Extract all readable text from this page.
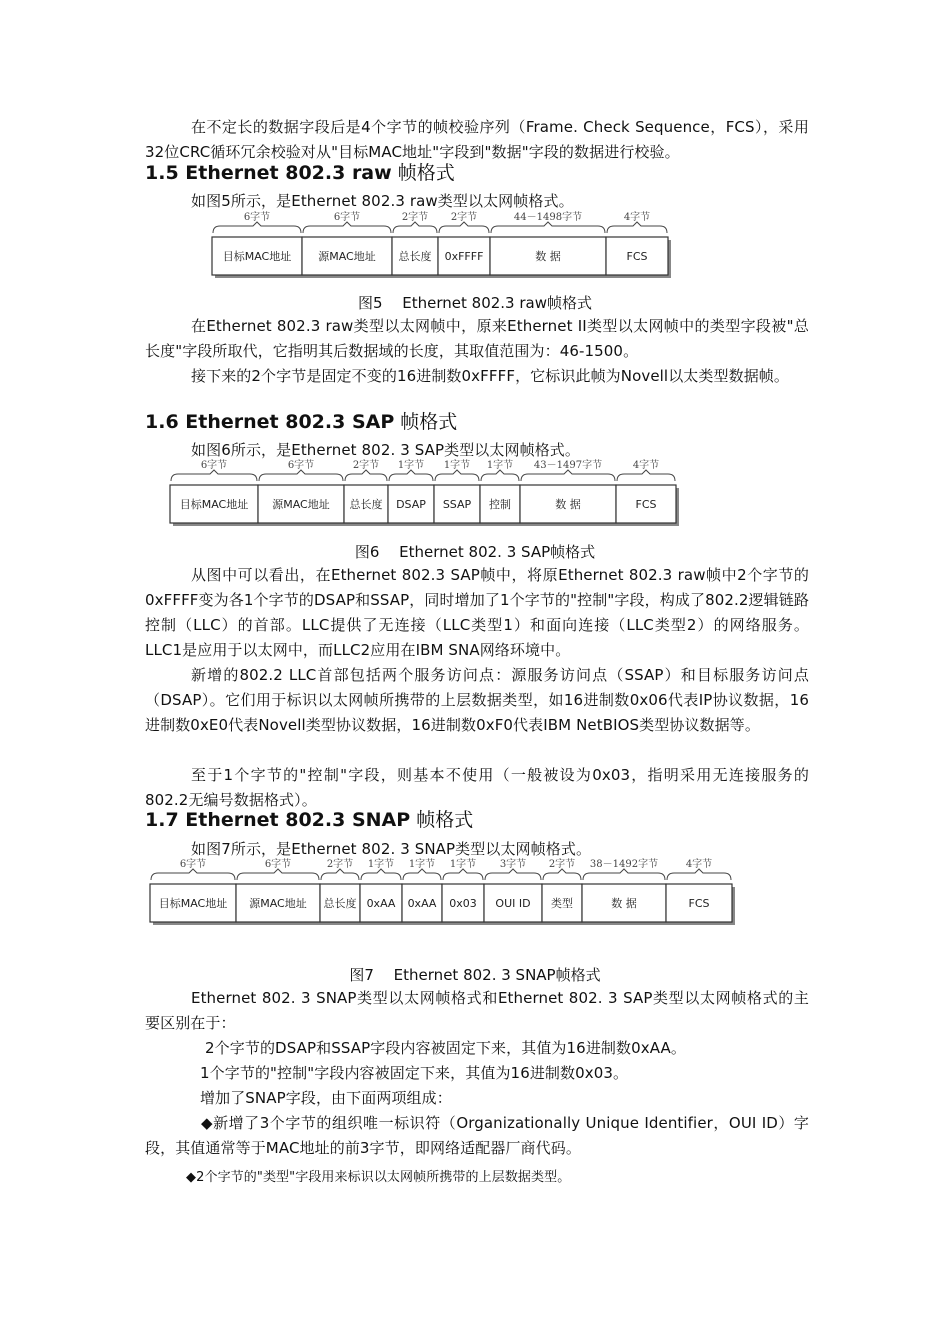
在不定长的数据字段后是4个字节的帧校验序列（Frame. Check Sequence，FCS），采用32位CRC循环冗余校验对从"目标MAC地址"字段到"数据"字段的数据进行校验。

1.5 Ethernet 802.3 raw 帧格式

如图5所示，是Ethernet 802.3 raw类型以太网帧格式。

6字节
目标MAC地址
6字节
源MAC地址
2字节
总长度
2字节
0xFFFF
44－1498字节
数 据
4字节
FCS

图5　 Ethernet 802.3 raw帧格式

在Ethernet 802.3 raw类型以太网帧中，原来Ethernet II类型以太网帧中的类型字段被"总长度"字段所取代，它指明其后数据域的长度，其取值范围为：46-1500。

接下来的2个字节是固定不变的16进制数0xFFFF，它标识此帧为Novell以太类型数据帧。

1.6 Ethernet 802.3 SAP 帧格式

如图6所示，是Ethernet 802. 3 SAP类型以太网帧格式。

6字节
目标MAC地址
6字节
源MAC地址
2字节
总长度
1字节
DSAP
1字节
SSAP
1字节
控制
43－1497字节
数 据
4字节
FCS

图6　 Ethernet 802. 3 SAP帧格式

从图中可以看出，在Ethernet 802.3 SAP帧中，将原Ethernet 802.3 raw帧中2个字节的0xFFFF变为各1个字节的DSAP和SSAP，同时增加了1个字节的"控制"字段，构成了802.2逻辑链路控制（LLC）的首部。LLC提供了无连接（LLC类型1）和面向连接（LLC类型2）的网络服务。LLC1是应用于以太网中，而LLC2应用在IBM SNA网络环境中。

新增的802.2 LLC首部包括两个服务访问点：源服务访问点（SSAP）和目标服务访问点（DSAP）。它们用于标识以太网帧所携带的上层数据类型，如16进制数0x06代表IP协议数据，16进制数0xE0代表Novell类型协议数据，16进制数0xF0代表IBM NetBIOS类型协议数据等。

至于1个字节的"控制"字段，则基本不使用（一般被设为0x03，指明采用无连接服务的802.2无编号数据格式）。

1.7 Ethernet 802.3 SNAP 帧格式

如图7所示，是Ethernet 802. 3 SNAP类型以太网帧格式。

6字节
目标MAC地址
6字节
源MAC地址
2字节
总长度
1字节
0xAA
1字节
0xAA
1字节
0x03
3字节
OUI ID
2字节
类型
38－1492字节
数 据
4字节
FCS

图7　 Ethernet 802. 3 SNAP帧格式

Ethernet 802. 3 SNAP类型以太网帧格式和Ethernet 802. 3 SAP类型以太网帧格式的主要区别在于：

2个字节的DSAP和SSAP字段内容被固定下来，其值为16进制数0xAA。

1个字节的"控制"字段内容被固定下来，其值为16进制数0x03。

增加了SNAP字段，由下面两项组成：

◆新增了3个字节的组织唯一标识符（Organizationally Unique Identifier，OUI ID）字段，其值通常等于MAC地址的前3字节，即网络适配器厂商代码。

◆2个字节的"类型"字段用来标识以太网帧所携带的上层数据类型。
